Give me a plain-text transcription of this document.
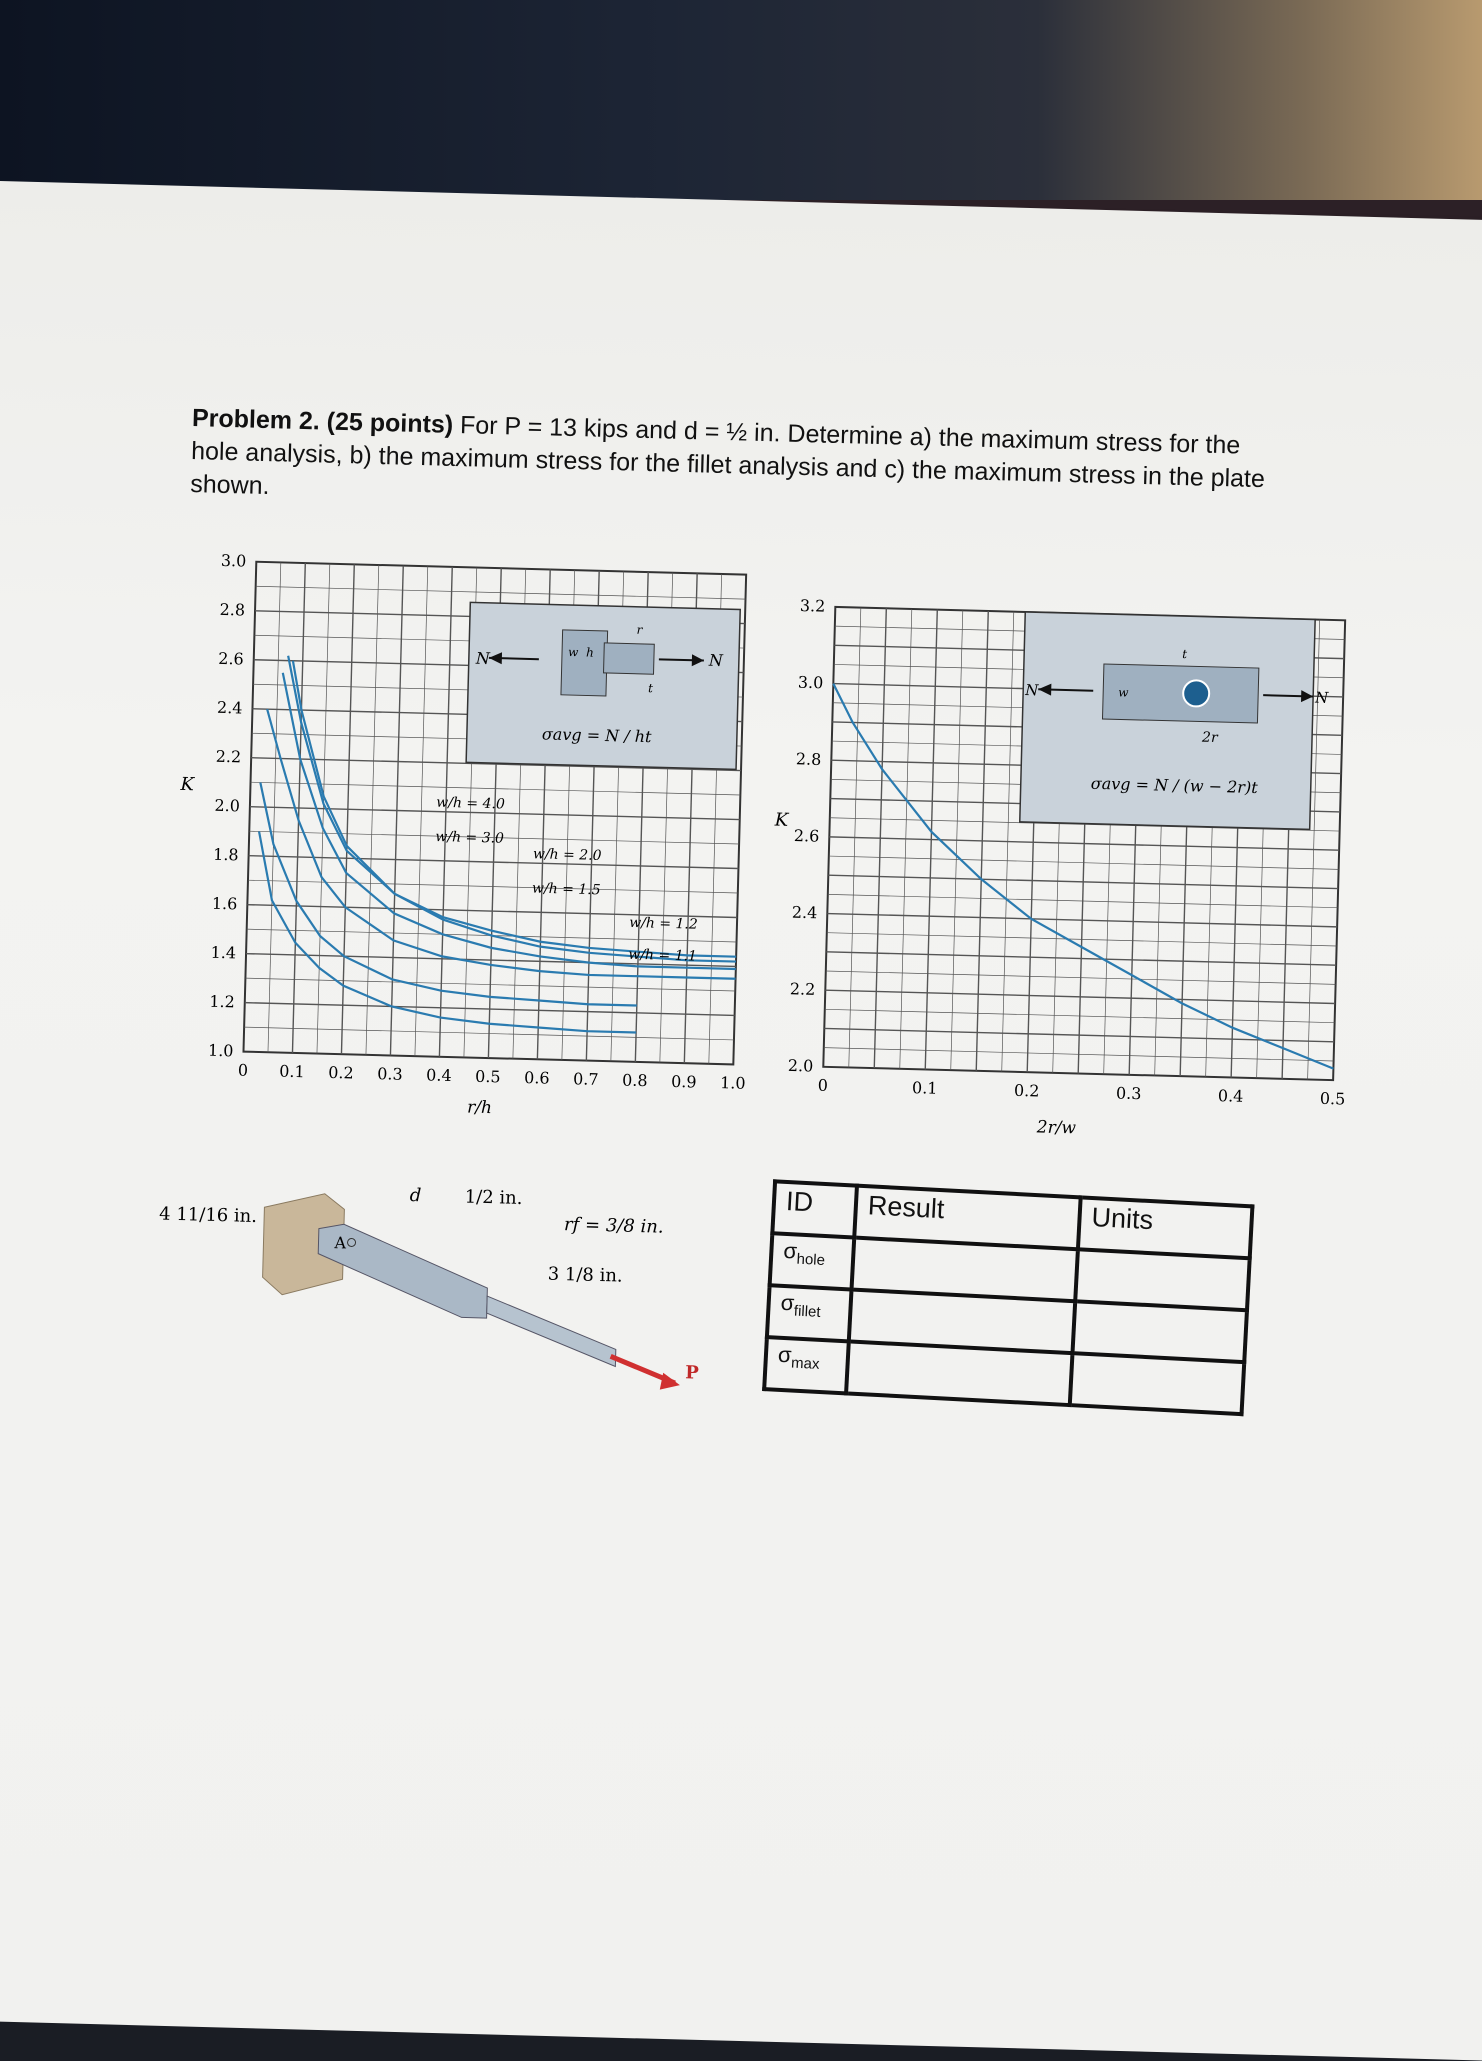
Problem 2. (25 points) For P = 13 kips and d = ½ in. Determine a) the maximum stress for the hole analysis, b) the maximum stress for the fillet analysis and c) the maximum stress in the plate shown.
0 0.1 0.2 0.3 0.4 0.5 0.6 0.7 0.8 0.9 1.0
1.0
1.2
1.4
1.6
1.8
2.0
2.2
2.4
2.6
2.8
3.0
N	N
w h
r
t
σavg = N / ht
w/h = 4.0
w/h = 3.0
w/h = 2.0
w/h = 1.5
w/h = 1.2
w/h = 1.1
K
r/h
0	0.1	0.2	0.3	0.4	0.5
2.0
2.2
2.4
2.6
2.8
3.0
3.2
N	N
w
t
2r
σavg = N / (w − 2r)t
K
2r/w
4 11/16 in.
d 1/2 in.
rf = 3/8 in.
3 1/8 in.
A
P
ID	Result	Units
$\sigma_{hole}$		
$\sigma_{fillet}$		
$\sigma_{max}$		
